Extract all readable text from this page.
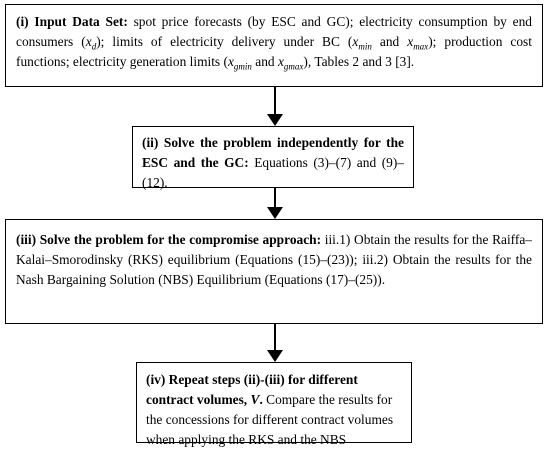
(i) Input Data Set: spot price forecasts (by ESC and GC); electricity consumption by end consumers $(x_d)$; limits of electricity delivery under BC ($x_{min}$ and $x_{max}$); production cost functions; electricity generation limits ($x_{gmin}$ and $x_{gmax}$), Tables 2 and 3 [3].
(ii) Solve the problem independently for the ESC and the GC: Equations (3)–(7) and (9)–(12).
(iii) Solve the problem for the compromise approach: iii.1) Obtain the results for the Raiffa–Kalai–Smorodinsky (RKS) equilibrium (Equations (15)–(23)); iii.2) Obtain the results for the Nash Bargaining Solution (NBS) Equilibrium (Equations (17)–(25)).
(iv) Repeat steps (ii)-(iii) for different contract volumes, V. Compare the results for the concessions for different contract volumes when applying the RKS and the NBS
